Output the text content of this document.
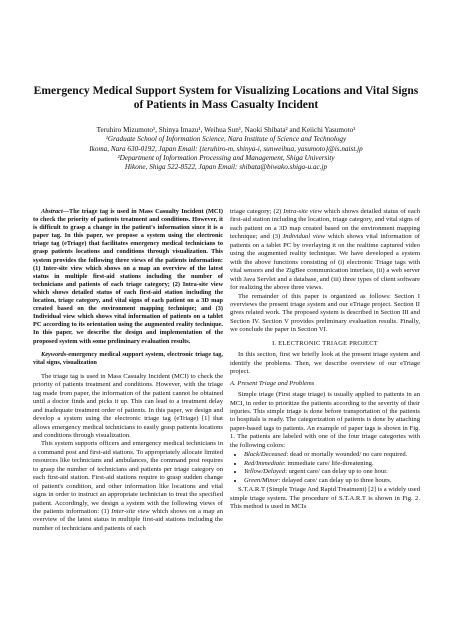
Emergency Medical Support System for Visualizing Locations and Vital Signs of Patients in Mass Casualty Incident
Teruhiro Mizumoto¹, Shinya Imazu¹, Weihua Sun¹, Naoki Shibata² and Keiichi Yasumoto¹
¹Graduate School of Information Science, Nara Institute of Science and Technology
Ikoma, Nara 630-0192, Japan Email: {teruhiro-m, shinya-i, sunweihua, yasumoto}@is.naist.jp
²Department of Information Processing and Management, Shiga University
Hikone, Shiga 522-8522, Japan Email: shibata@biwako.shiga-u.ac.jp

Abstract—The triage tag is used in Mass Casualty Incident (MCI) to check the priority of patients treatment and conditions. However, it is difficult to grasp a change in the patient's information since it is a paper tag. In this paper, we propose a system using the electronic triage tag (eTriage) that facilitates emergency medical technicians to grasp patients locations and conditions through visualization. This system provides the following three views of the patients information: (1) Inter-site view which shows on a map an overview of the latest status in multiple first-aid stations including the number of technicians and patients of each triage category; (2) Intra-site view which shows detailed status of each first-aid station including the location, triage category, and vital signs of each patient on a 3D map created based on the environment mapping technique; and (3) Individual view which shows vital information of patients on a tablet PC according to its orientation using the augmented reality technique. In this paper, we describe the design and implementation of the proposed system with some preliminary evaluation results.

Keywords-emergency medical support system, electronic triage tag, vital signs, visualization

The triage tag is used in Mass Casualty Incident (MCI) to check the priority of patients treatment and conditions. However, with the triage tag made from paper, the information of the patient cannot be obtained until a doctor finds and picks it up. This can lead to a treatment delay and inadequate treatment order of patients. In this paper, we design and develop a system using the electronic triage tag (eTriage) [1] that allows emergency medical technicians to easily grasp patients locations and conditions through visualization.

This system supports officers and emergency medical technicians in a command post and first-aid stations. To appropriately allocate limited resources like technicians and ambulances, the command post requires to grasp the number of technicians and patients per triage category on each first-aid station. First-aid stations require to grasp sudden change of patient's condition, and other information like locations and vital signs in order to instruct an appropriate technician to treat the specified patient. Accordingly, we design a system with the following views of the patients information: (1) Inter-site view which shows on a map an overview of the latest status in multiple first-aid stations including the number of technicians and patients of each

triage category; (2) Intra-site view which shows detailed status of each first-aid station including the location, triage category, and vital signs of each patient on a 3D map created based on the environment mapping technique; and (3) Individual view which shows vital information of patients on a tablet PC by overlaying it on the realtime captured video using the augmented reality technique. We have developed a system with the above functions consisting of (i) electronic Triage tags with vital sensors and the ZigBee communication interface, (ii) a web server with Java Servlet and a database, and (iii) three types of client software for realizing the above three views.

The remainder of this paper is organized as follows: Section I overviews the present triage system and our eTriage project. Section II gives related work. The proposed system is described in Section III and Section IV. Section V provides preliminary evaluation results. Finally, we conclude the paper in Section VI.

I. ELECTRONIC TRIAGE PROJECT

In this section, first we briefly look at the present triage system and identify the problems. Then, we describe overview of our eTriage project.

A. Present Triage and Problems

Simple triage (First stage triage) is usually applied to patients in an MCI, in order to prioritize the patients according to the severity of their injuries. This simple triage is done before transportation of the patients to hospitals is ready. The categorization of patients is done by attaching paper-based tags to patients. An example of paper tags is shown in Fig. 1. The patients are labeled with one of the four triage categories with the following colors:

• Black/Deceased: dead or mortally wounded/ no care required.
• Red/Immediate: immediate care/ life-threatening.
• Yellow/Delayed: urgent care/ can delay up to one hour.
• Green/Minor: delayed care/ can delay up to three hours.

S.T.A.R.T (Simple Triage And Rapid Treatment) [2] is a widely used simple triage system. The procedure of S.T.A.R.T is shown in Fig. 2. This method is used in MCIs
